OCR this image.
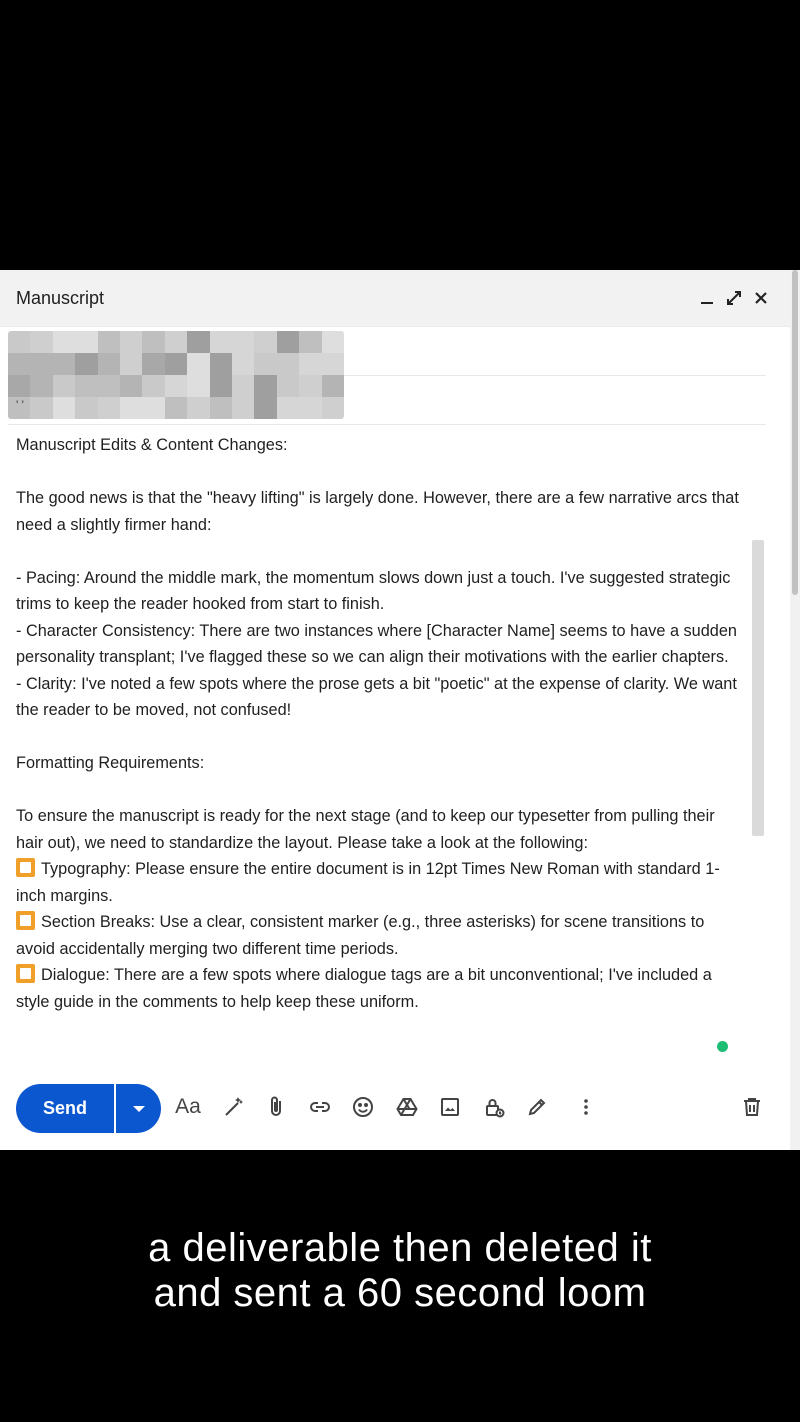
Manuscript

Manuscript Edits & Content Changes:

The good news is that the "heavy lifting" is largely done. However, there are a few narrative arcs that need a slightly firmer hand:

- Pacing: Around the middle mark, the momentum slows down just a touch. I've suggested strategic trims to keep the reader hooked from start to finish.

- Character Consistency: There are two instances where [Character Name] seems to have a sudden personality transplant; I've flagged these so we can align their motivations with the earlier chapters.

- Clarity: I've noted a few spots where the prose gets a bit "poetic" at the expense of clarity. We want the reader to be moved, not confused!

Formatting Requirements:

To ensure the manuscript is ready for the next stage (and to keep our typesetter from pulling their hair out), we need to standardize the layout. Please take a look at the following:

Typography: Please ensure the entire document is in 12pt Times New Roman with standard 1-inch margins.

Section Breaks: Use a clear, consistent marker (e.g., three asterisks) for scene transitions to avoid accidentally merging two different time periods.

Dialogue: There are a few spots where dialogue tags are a bit unconventional; I've included a style guide in the comments to help keep these uniform.

Send	Aa
a deliverable then deleted it
and sent a 60 second loom
